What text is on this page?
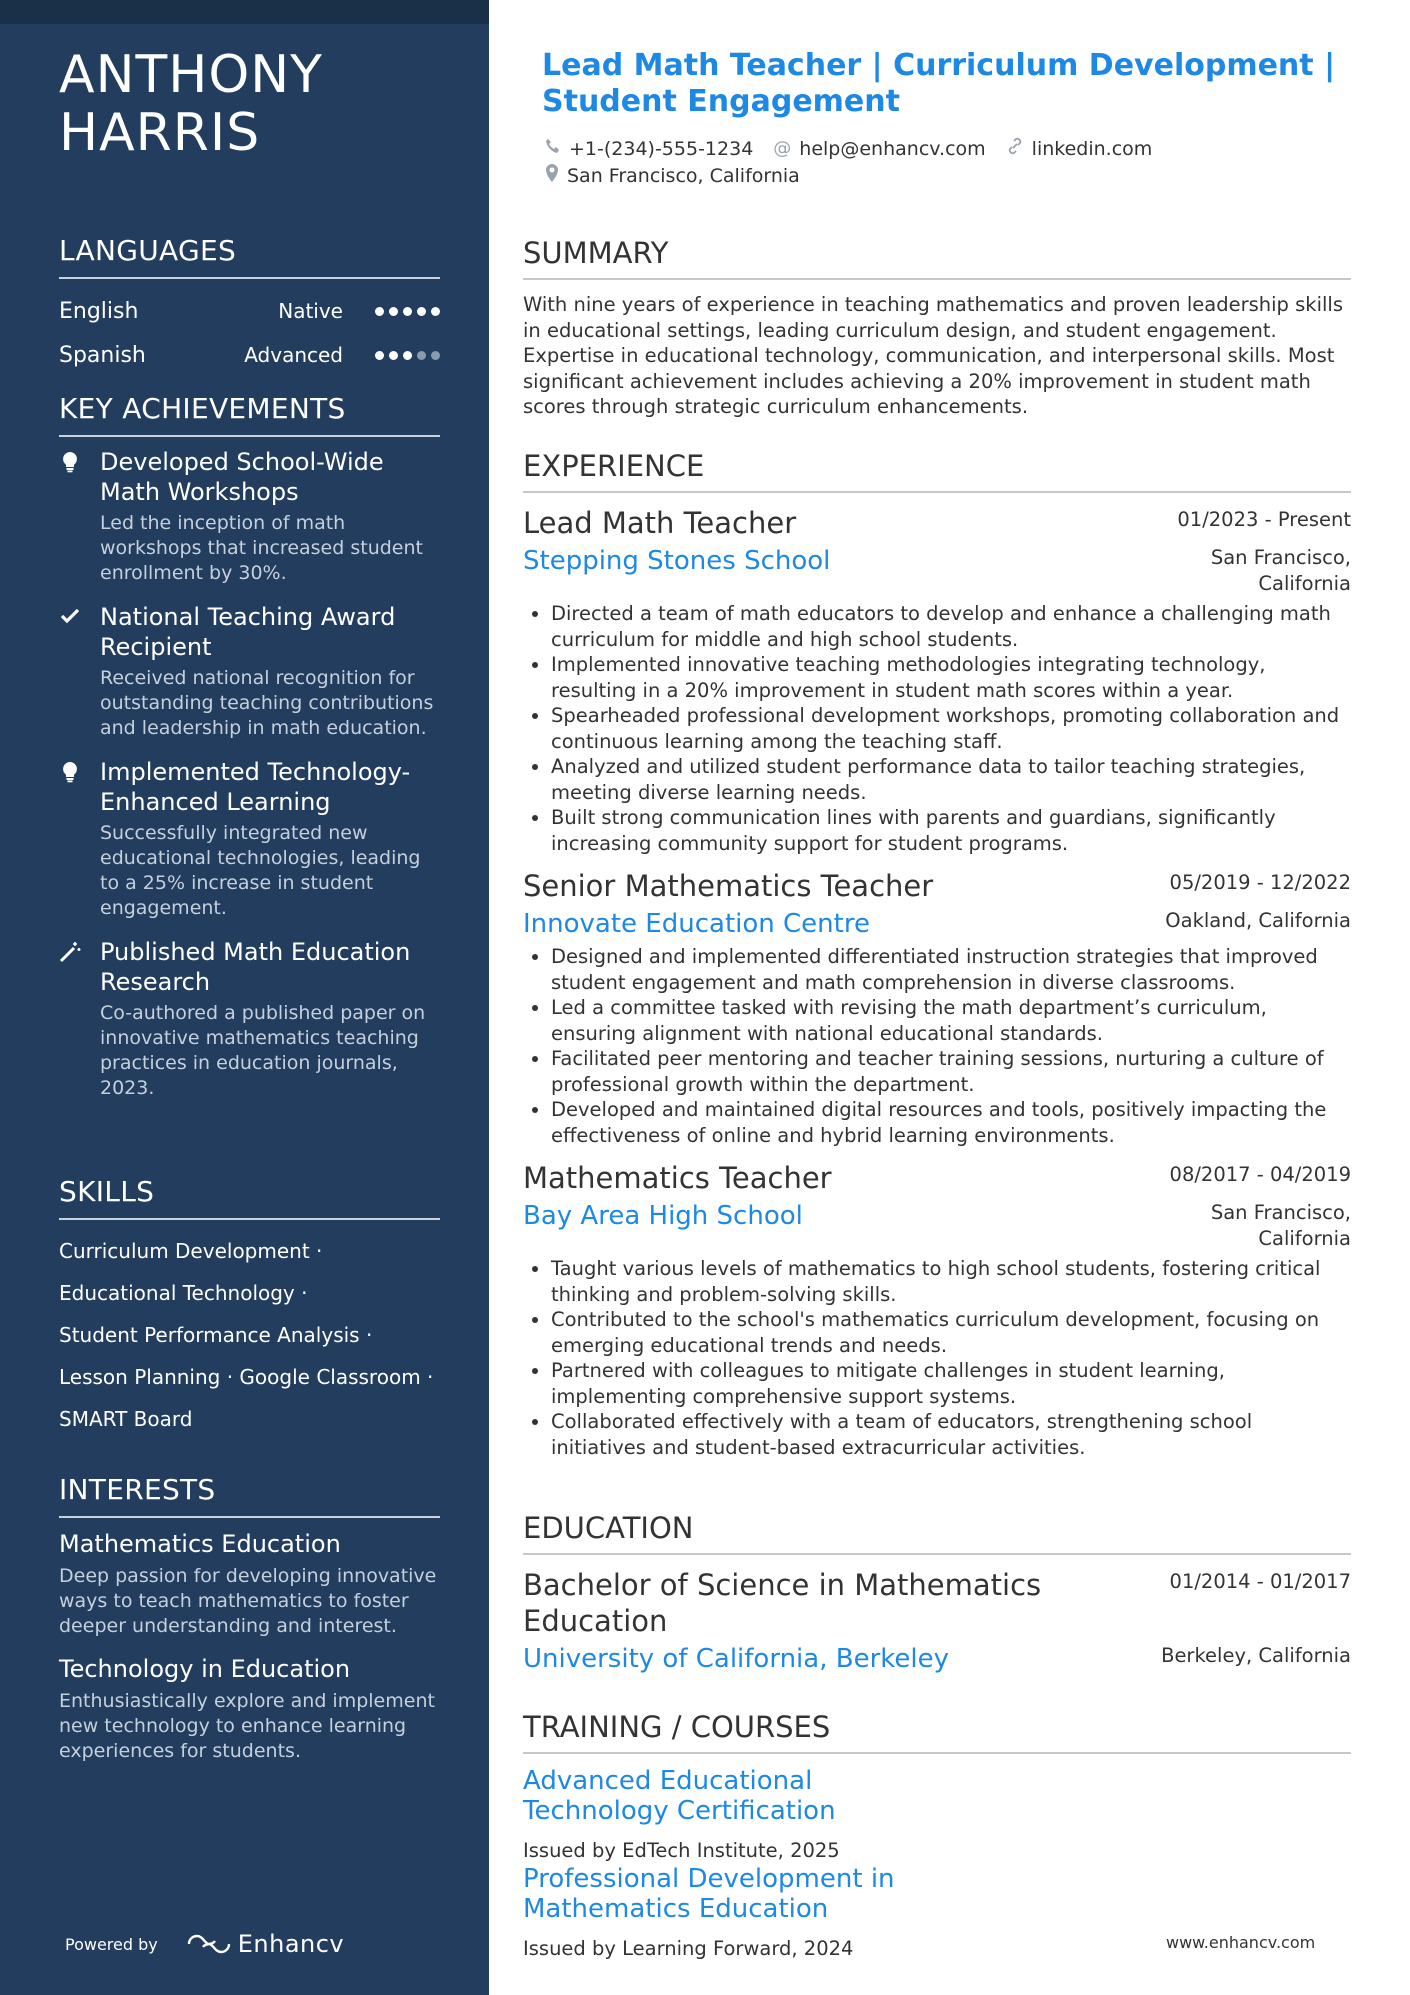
ANTHONY HARRIS
LANGUAGES
English	Native
Spanish	Advanced
KEY ACHIEVEMENTS
Developed School-Wide Math Workshops
Led the inception of math workshops that increased student enrollment by 30%.
National Teaching Award Recipient
Received national recognition for outstanding teaching contributions and leadership in math education.
Implemented Technology-Enhanced Learning
Successfully integrated new educational technologies, leading to a 25% increase in student engagement.
Published Math Education Research
Co-authored a published paper on innovative mathematics teaching practices in education journals, 2023.
SKILLS
Curriculum Development ·
Educational Technology ·
Student Performance Analysis ·
Lesson Planning · Google Classroom ·
SMART Board
INTERESTS
Mathematics Education
Deep passion for developing innovative ways to teach mathematics to foster deeper understanding and interest.
Technology in Education
Enthusiastically explore and implement new technology to enhance learning experiences for students.
Powered by	Enhancv
Lead Math Teacher | Curriculum Development | Student Engagement
+1-(234)-555-1234 @ help@enhancv.com linkedin.com
San Francisco, California
SUMMARY

With nine years of experience in teaching mathematics and proven leadership skills in educational settings, leading curriculum design, and student engagement. Expertise in educational technology, communication, and interpersonal skills. Most significant achievement includes achieving a 20% improvement in student math scores through strategic curriculum enhancements.

EXPERIENCE
Lead Math Teacher	01/2023 - Present
Stepping Stones School	San Francisco, California
• Directed a team of math educators to develop and enhance a challenging math curriculum for middle and high school students.
• Implemented innovative teaching methodologies integrating technology, resulting in a 20% improvement in student math scores within a year.
• Spearheaded professional development workshops, promoting collaboration and continuous learning among the teaching staff.
• Analyzed and utilized student performance data to tailor teaching strategies, meeting diverse learning needs.
• Built strong communication lines with parents and guardians, significantly increasing community support for student programs.
Senior Mathematics Teacher	05/2019 - 12/2022
Innovate Education Centre	Oakland, California
• Designed and implemented differentiated instruction strategies that improved student engagement and math comprehension in diverse classrooms.
• Led a committee tasked with revising the math department’s curriculum, ensuring alignment with national educational standards.
• Facilitated peer mentoring and teacher training sessions, nurturing a culture of professional growth within the department.
• Developed and maintained digital resources and tools, positively impacting the effectiveness of online and hybrid learning environments.
Mathematics Teacher	08/2017 - 04/2019
Bay Area High School	San Francisco, California
• Taught various levels of mathematics to high school students, fostering critical thinking and problem-solving skills.
• Contributed to the school's mathematics curriculum development, focusing on emerging educational trends and needs.
• Partnered with colleagues to mitigate challenges in student learning, implementing comprehensive support systems.
• Collaborated effectively with a team of educators, strengthening school initiatives and student-based extracurricular activities.
EDUCATION
Bachelor of Science in Mathematics Education
01/2014 - 01/2017
University of California, Berkeley	Berkeley, California
TRAINING / COURSES
Advanced Educational Technology Certification
Issued by EdTech Institute, 2025
Professional Development in Mathematics Education
Issued by Learning Forward, 2024	www.enhancv.com
